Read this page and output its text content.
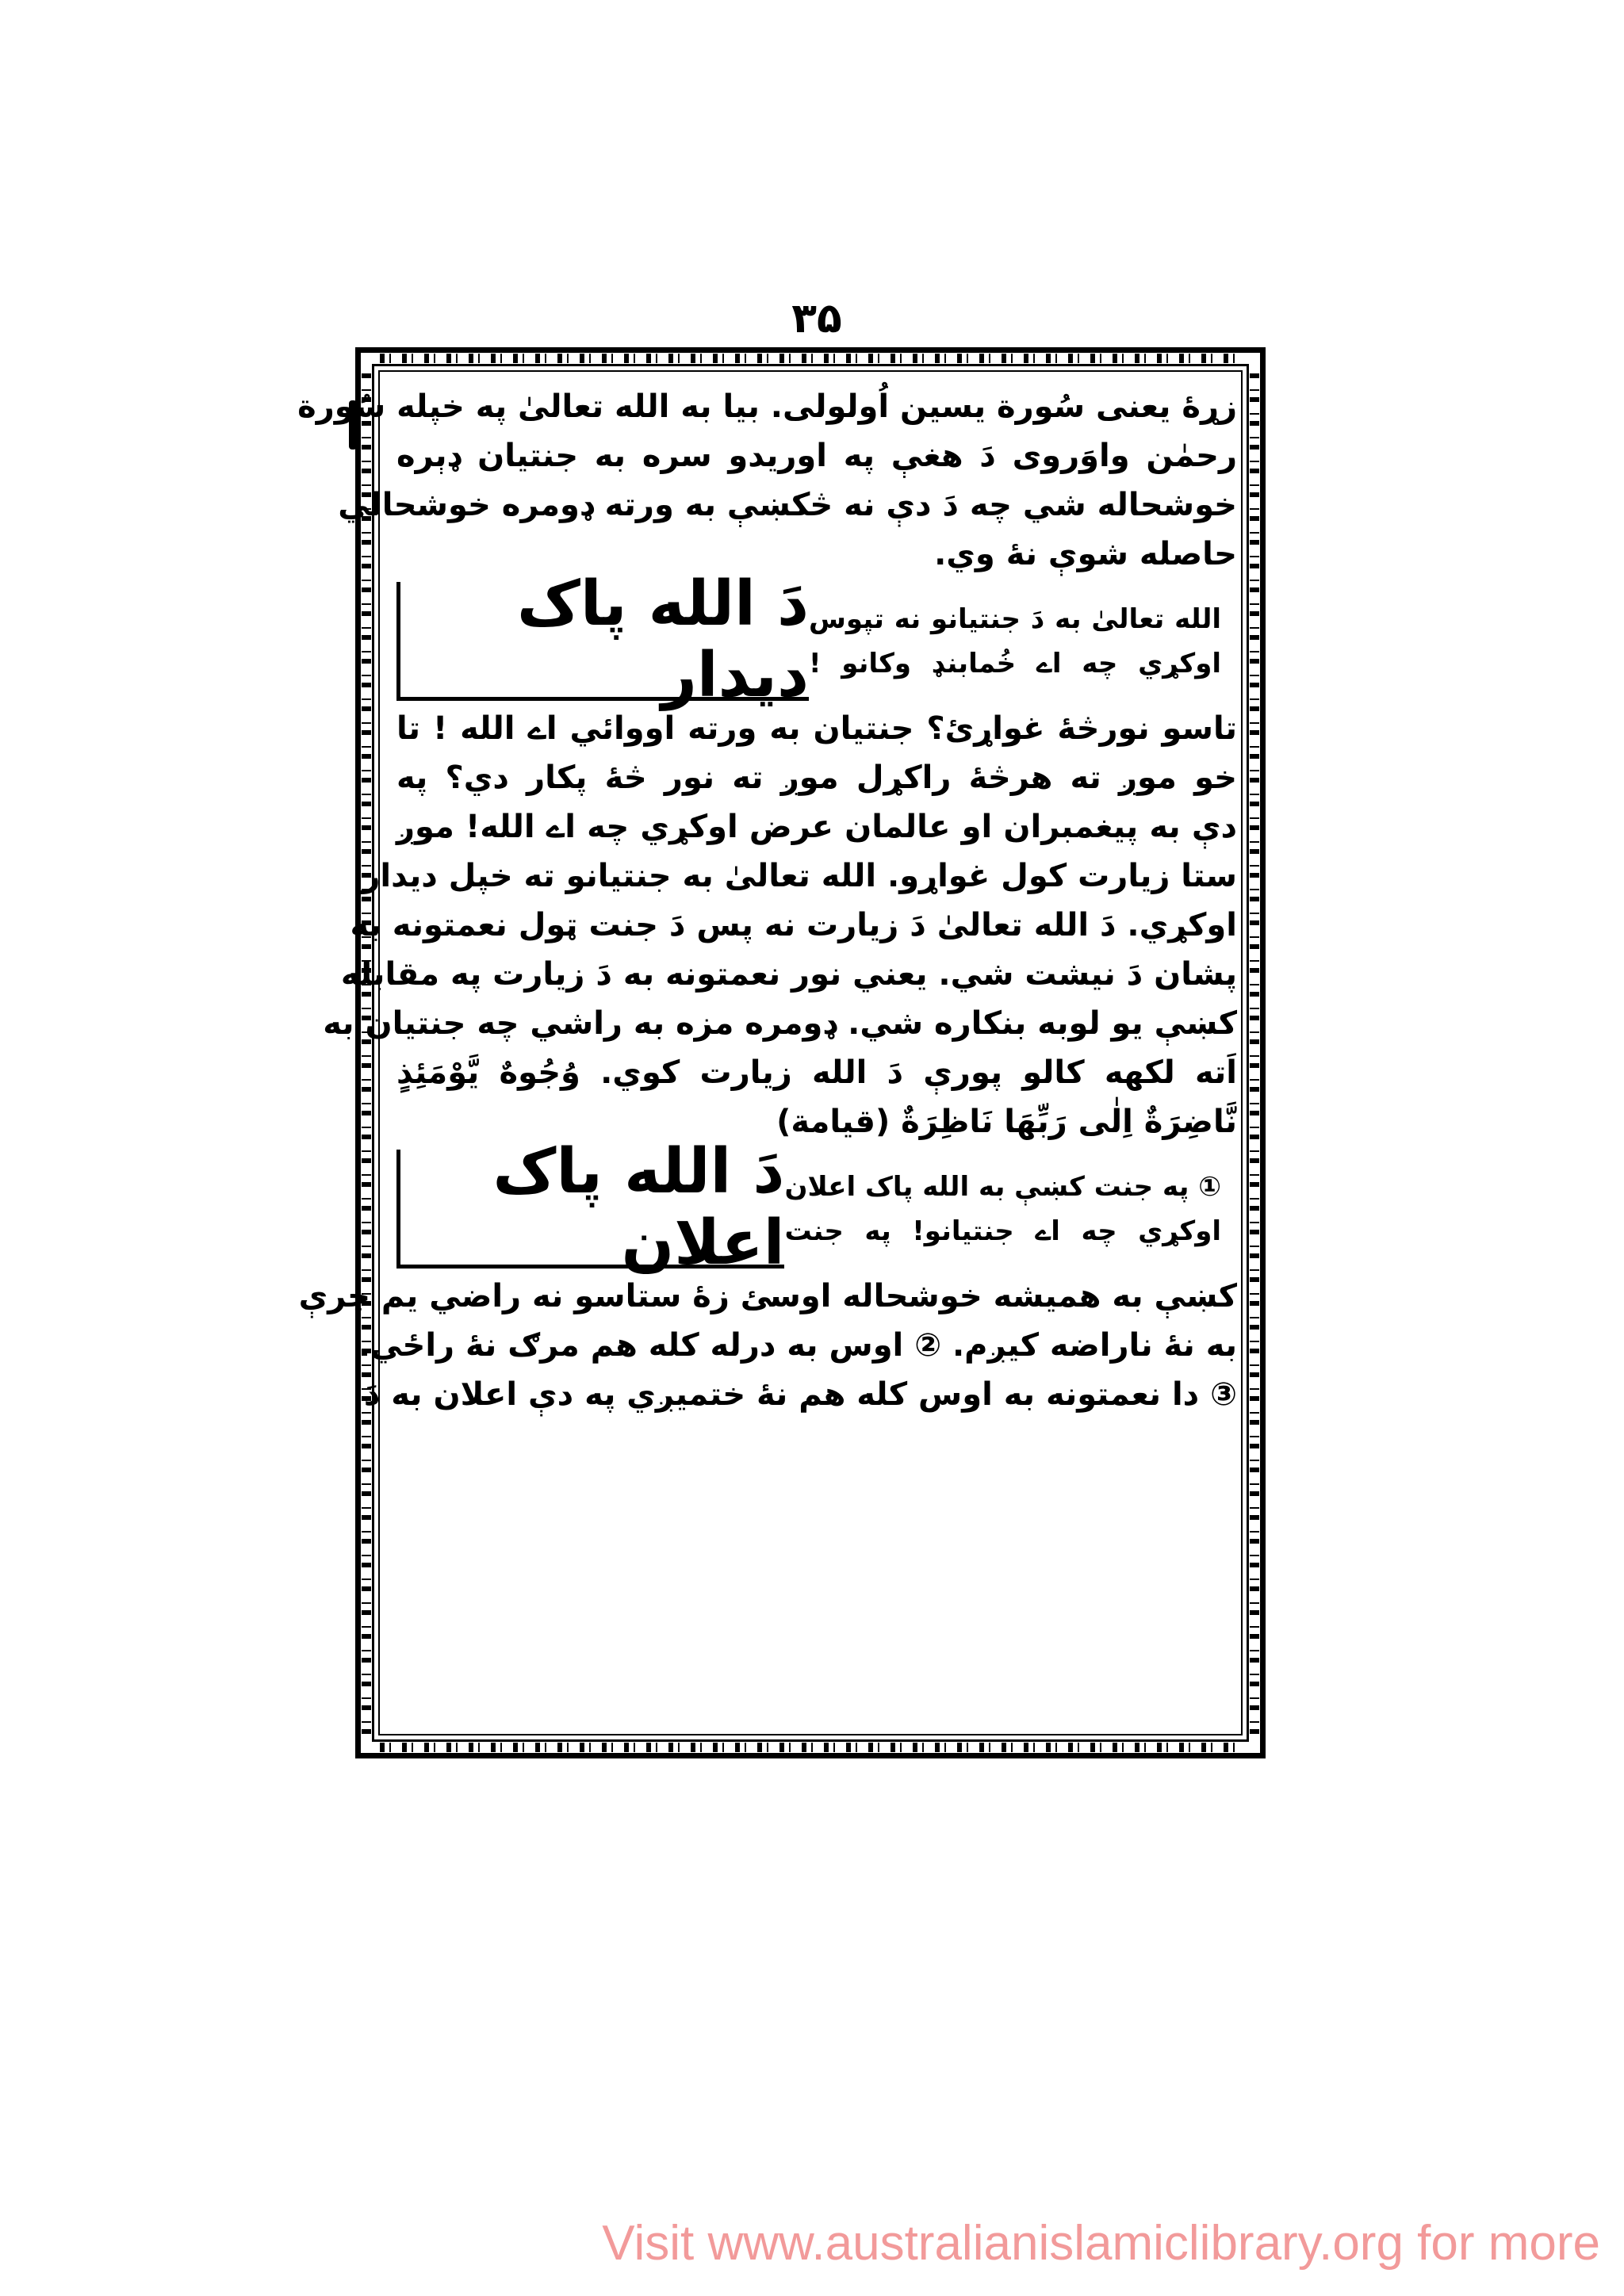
۳۵
زړهٔ یعنی سُورة یسین اُولولی. بیا به الله تعالیٰ په خپله سُورة
رحمٰن واوَروی دَ هغې په اوریدو سره به جنتیان ډېره
خوشحاله شي چه دَ دې نه څکښې به ورته ډومره خوشحالي
حاصله شوې نهٔ وي.
الله تعالیٰ به دَ جنتیانو نه تپوس
اوکړي چه اے خُمابنډ وکانو !
دَ الله پاک دیدار
تاسو نورڅهٔ غواړئ؟ جنتیان به ورته اووائي اے الله ! تا
خو موږ ته هرڅهٔ راکړل موږ ته نور څهٔ پکار دي؟ په
دې به پیغمبران او عالمان عرض اوکړي چه اے الله! موږ
ستا زیارت کول غواړو. الله تعالیٰ به جنتیانو ته خپل دیدار
اوکړي. دَ الله تعالیٰ دَ زیارت نه پس دَ جنت ټول نعمتونه به
پشان دَ نیشت شي. یعني نور نعمتونه به دَ زیارت په مقابله
کښې یو لوبه بنکاره شي. ډومره مزه به راشي چه جنتیان به
اَته لکهه کالو پورې دَ الله زیارت کوي. وُجُوهٌ یَّوْمَئِذٍ
نَّاضِرَةٌ اِلٰی رَبِّهَا نَاظِرَةٌ (قیامة)
① په جنت کښې به الله پاک اعلان
اوکړي چه اے جنتیانو! په جنت
دَ الله پاک اعلان
کښې به همیشه خوشحاله اوسئ زهٔ ستاسو نه راضي یم چرې
به نهٔ ناراضه کیږم. ② اوس به درله کله هم مرګ نهٔ راځي.
③ دا نعمتونه به اوس کله هم نهٔ ختمیږي په دې اعلان به دَ
Visit www.australianislamiclibrary.org for more
